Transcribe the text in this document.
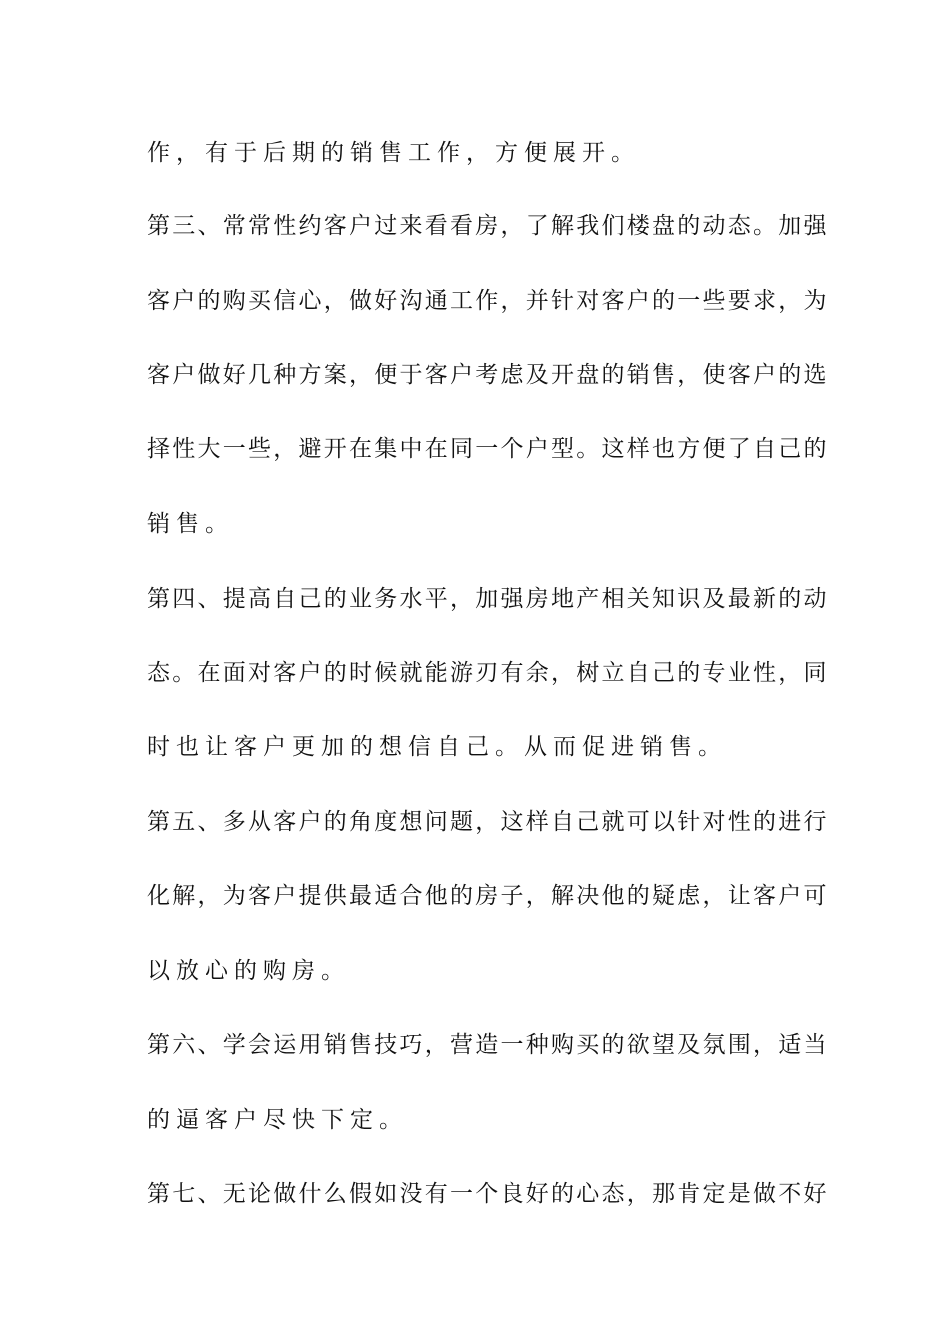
作，有于后期的销售工作，方便展开。
第三、常常性约客户过来看看房，了解我们楼盘的动态。加强
客户的购买信心，做好沟通工作，并针对客户的一些要求，为
客户做好几种方案，便于客户考虑及开盘的销售，使客户的选
择性大一些，避开在集中在同一个户型。这样也方便了自己的
销售。
第四、提高自己的业务水平，加强房地产相关知识及最新的动
态。在面对客户的时候就能游刃有余，树立自己的专业性，同
时也让客户更加的想信自己。从而促进销售。
第五、多从客户的角度想问题，这样自己就可以针对性的进行
化解，为客户提供最适合他的房子，解决他的疑虑，让客户可
以放心的购房。
第六、学会运用销售技巧，营造一种购买的欲望及氛围，适当
的逼客户尽快下定。
第七、无论做什么假如没有一个良好的心态，那肯定是做不好
